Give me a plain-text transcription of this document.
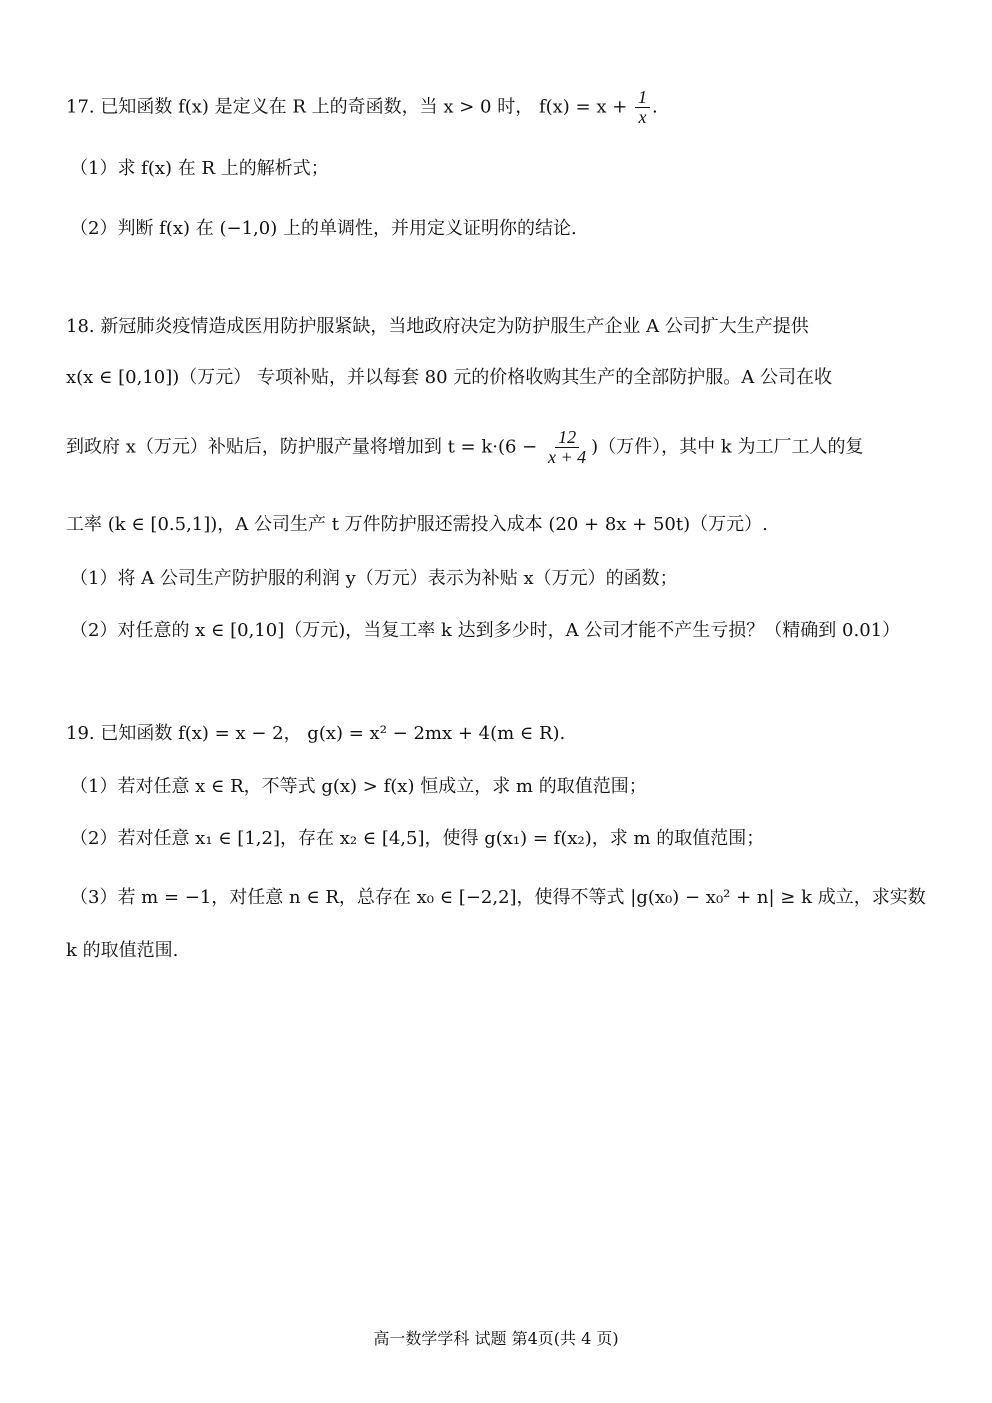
17. 已知函数 f(x) 是定义在 R 上的奇函数，当 x > 0 时， $f(x) = x + \frac{1}{x}$ .
（1）求 f(x) 在 R 上的解析式；
（2）判断 f(x) 在 (−1,0) 上的单调性，并用定义证明你的结论.
18. 新冠肺炎疫情造成医用防护服紧缺，当地政府决定为防护服生产企业 A 公司扩大生产提供
x(x ∈ [0,10])（万元） 专项补贴，并以每套 80 元的价格收购其生产的全部防护服。A 公司在收
到政府 x（万元）补贴后，防护服产量将增加到 $t = k\cdot(6 - \frac{12}{x + 4}$ )（万件），其中 k 为工厂工人的复
工率 (k ∈ [0.5,1])，A 公司生产 t 万件防护服还需投入成本 (20 + 8x + 50t)（万元）.
（1）将 A 公司生产防护服的利润 y（万元）表示为补贴 x（万元）的函数；
（2）对任意的 x ∈ [0,10]（万元)，当复工率 k 达到多少时，A 公司才能不产生亏损？（精确到 0.01）
19. 已知函数 f(x) = x − 2， g(x) = x² − 2mx + 4(m ∈ R).
（1）若对任意 x ∈ R，不等式 g(x) > f(x) 恒成立，求 m 的取值范围；
（2）若对任意 x₁ ∈ [1,2]，存在 x₂ ∈ [4,5]，使得 g(x₁) = f(x₂)，求 m 的取值范围；
（3）若 m = −1，对任意 n ∈ R，总存在 x₀ ∈ [−2,2]，使得不等式 |g(x₀) − x₀² + n| ≥ k 成立，求实数
k 的取值范围.
高一数学学科 试题 第4页(共 4 页)
